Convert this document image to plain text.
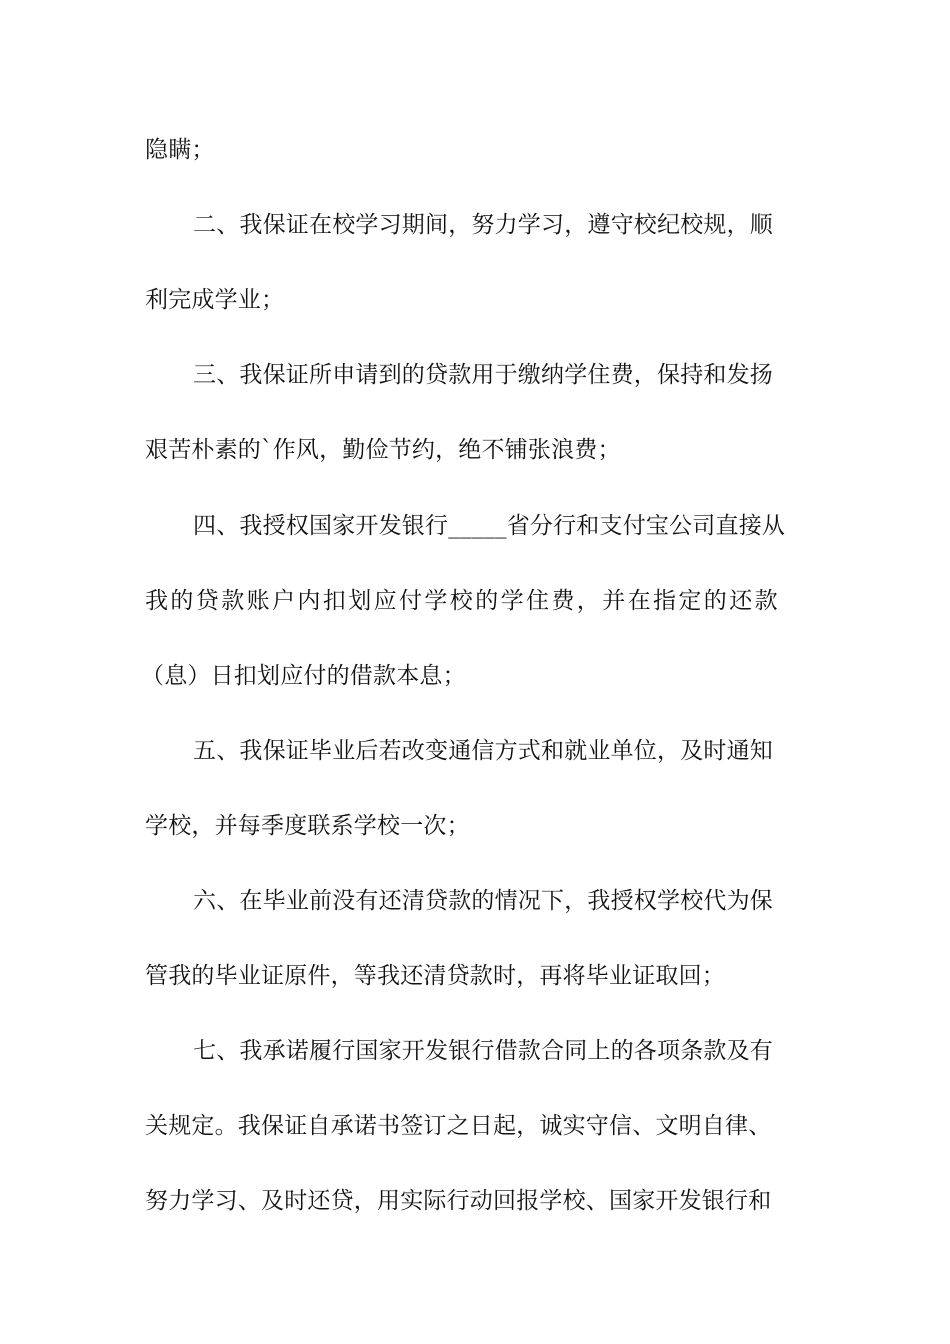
隐瞒；
二、我保证在校学习期间，努力学习，遵守校纪校规，顺
利完成学业；
三、我保证所申请到的贷款用于缴纳学住费，保持和发扬
艰苦朴素的`作风，勤俭节约，绝不铺张浪费；
四、我授权国家开发银行_____省分行和支付宝公司直接从
我的贷款账户内扣划应付学校的学住费，并在指定的还款
（息）日扣划应付的借款本息；
五、我保证毕业后若改变通信方式和就业单位，及时通知
学校，并每季度联系学校一次；
六、在毕业前没有还清贷款的情况下，我授权学校代为保
管我的毕业证原件，等我还清贷款时，再将毕业证取回；
七、我承诺履行国家开发银行借款合同上的各项条款及有
关规定。我保证自承诺书签订之日起，诚实守信、文明自律、
努力学习、及时还贷，用实际行动回报学校、国家开发银行和
